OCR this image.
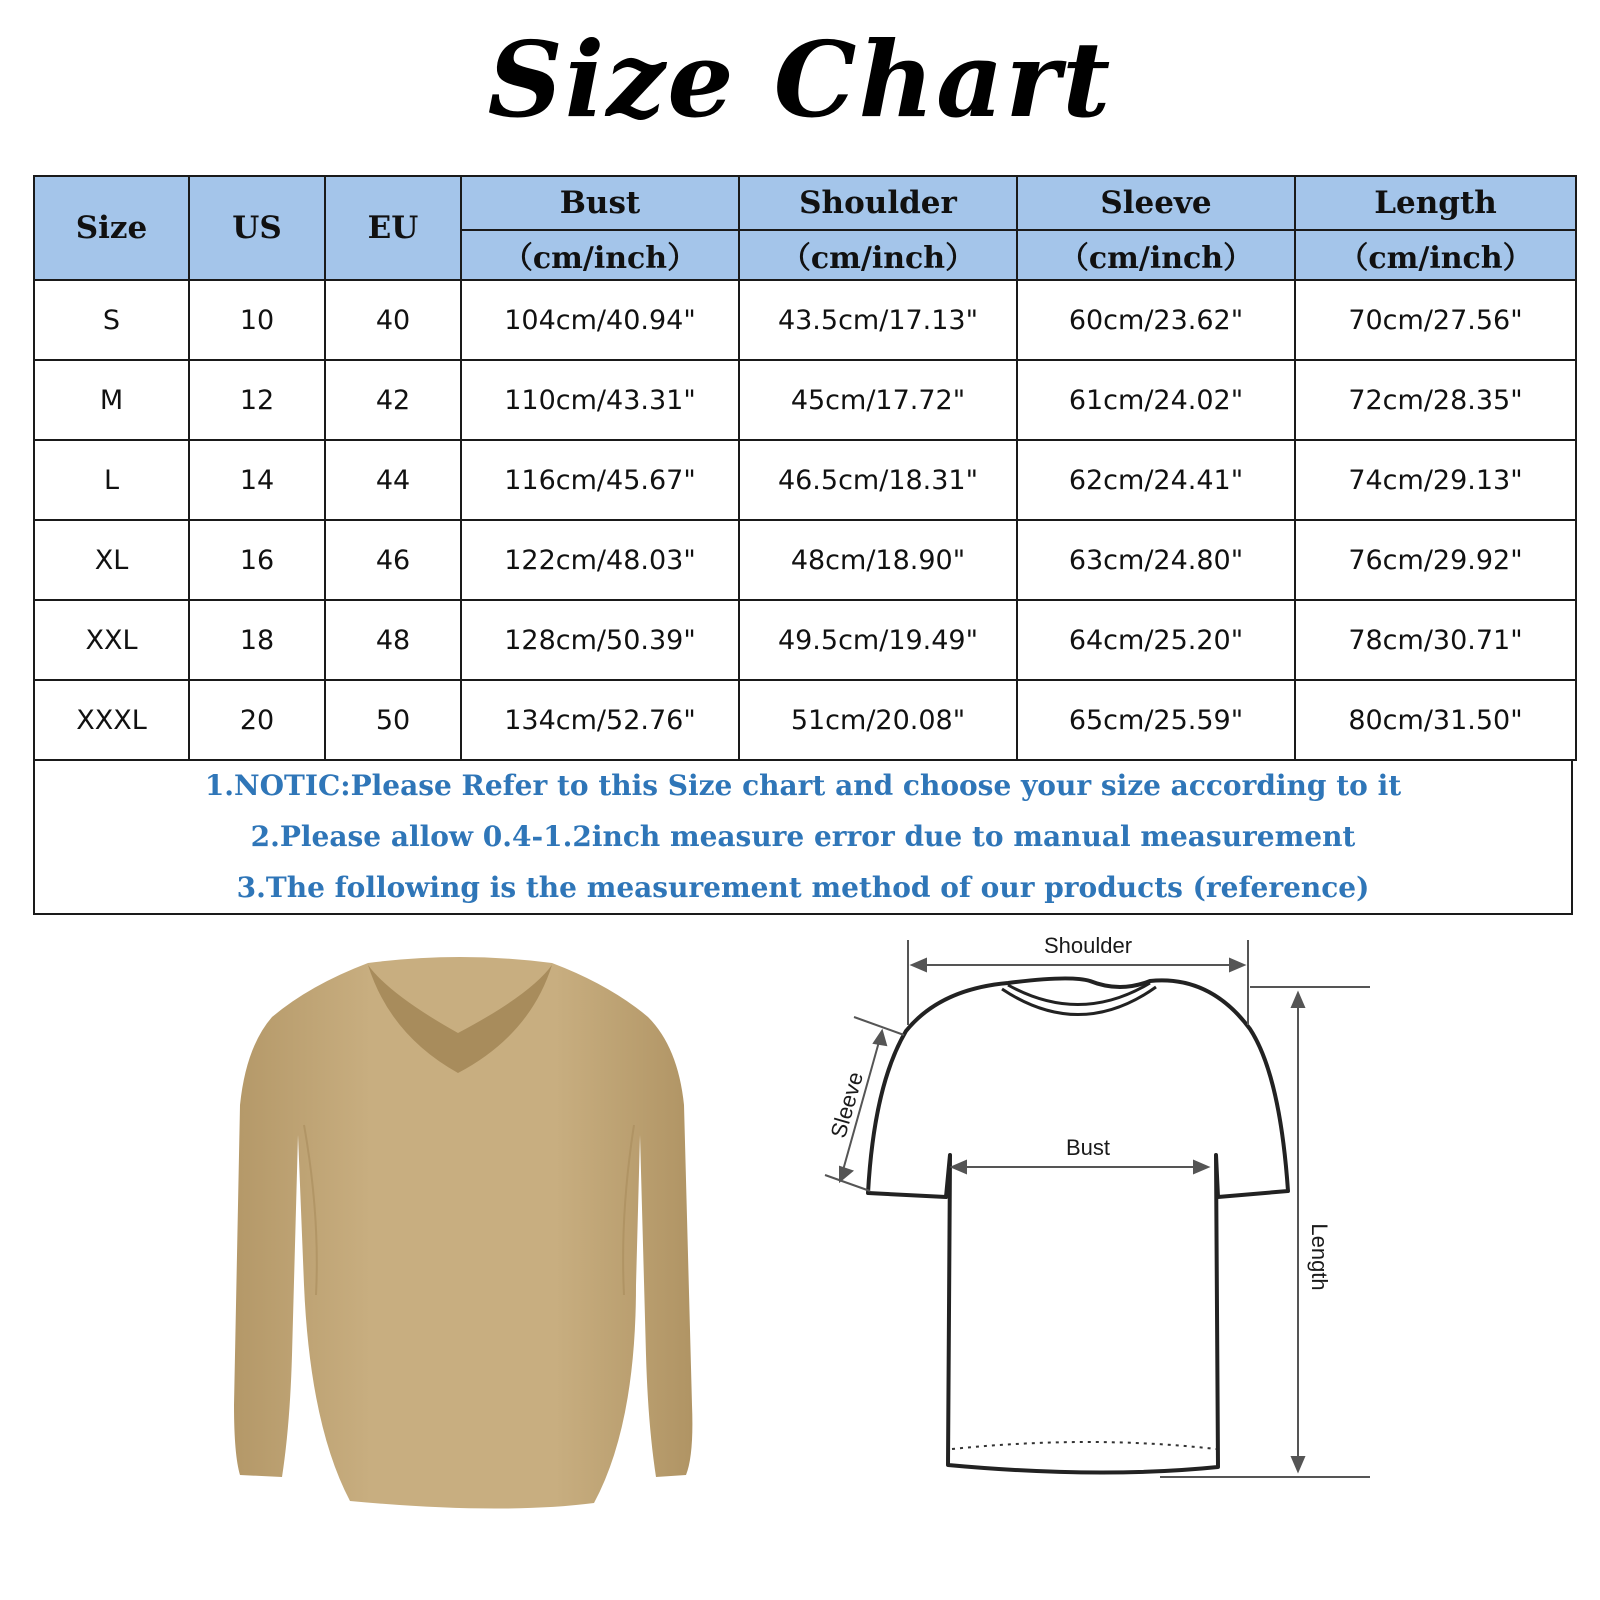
Size Chart
Size	US	EU	Bust	Shoulder	Sleeve	Length
			（cm/inch）	（cm/inch）	（cm/inch）	（cm/inch）
S	10	40	104cm/40.94"	43.5cm/17.13"	60cm/23.62"	70cm/27.56"
M	12	42	110cm/43.31"	45cm/17.72"	61cm/24.02"	72cm/28.35"
L	14	44	116cm/45.67"	46.5cm/18.31"	62cm/24.41"	74cm/29.13"
XL	16	46	122cm/48.03"	48cm/18.90"	63cm/24.80"	76cm/29.92"
XXL	18	48	128cm/50.39"	49.5cm/19.49"	64cm/25.20"	78cm/30.71"
XXXL	20	50	134cm/52.76"	51cm/20.08"	65cm/25.59"	80cm/31.50"
1.NOTIC:Please Refer to this Size chart and choose your size according to it
2.Please allow 0.4-1.2inch measure error due to manual measurement
3.The following is the measurement method of our products (reference)
Shoulder
Bust
Sleeve
Length
